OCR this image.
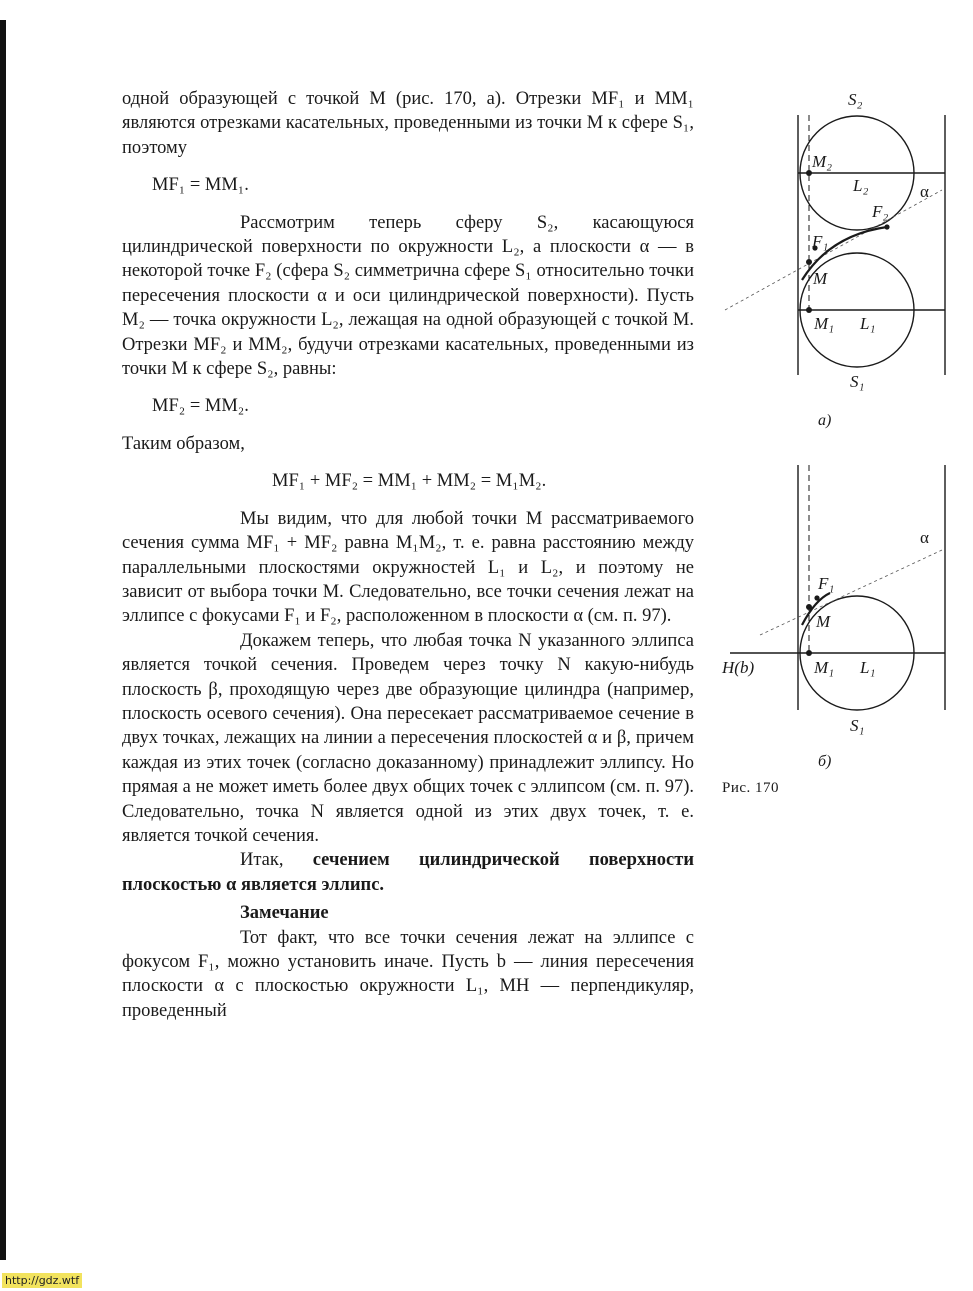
одной образующей с точкой M (рис. 170, a). Отрезки MF₁ и MM₁ являются отрезками касательных, проведенными из точки M к сфере S₁, поэтому

MF₁ = MM₁.

Рассмотрим теперь сферу S₂, касающуюся цилиндрической поверхности по окружности L₂, а плоскости α — в некоторой точке F₂ (сфера S₂ симметрична сфере S₁ относительно точки пересечения плоскости α и оси цилиндрической поверхности). Пусть M₂ — точка окружности L₂, лежащая на одной образующей с точкой M. Отрезки MF₂ и MM₂, будучи отрезками касательных, проведенными из точки M к сфере S₂, равны:

MF₂ = MM₂.

Таким образом,

MF₁ + MF₂ = MM₁ + MM₂ = M₁M₂.

Мы видим, что для любой точки M рассматриваемого сечения сумма MF₁ + MF₂ равна M₁M₂, т. е. равна расстоянию между параллельными плоскостями окружностей L₁ и L₂, и поэтому не зависит от выбора точки M. Следовательно, все точки сечения лежат на эллипсе с фокусами F₁ и F₂, расположенном в плоскости α (см. п. 97).

Докажем теперь, что любая точка N указанного эллипса является точкой сечения. Проведем через точку N какую-нибудь плоскость β, проходящую через две образующие цилиндра (например, плоскость осевого сечения). Она пересекает рассматриваемое сечение в двух точках, лежащих на линии a пересечения плоскостей α и β, причем каждая из этих точек (согласно доказанному) принадлежит эллипсу. Но прямая a не может иметь более двух общих точек с эллипсом (см. п. 97). Следовательно, точка N является одной из этих двух точек, т. е. является точкой сечения.

Итак, сечением цилиндрической поверхности плоскостью α является эллипс.

Замечание

Тот факт, что все точки сечения лежат на эллипсе с фокусом F₁, можно установить иначе. Пусть b — линия пересечения плоскости α с плоскостью окружности L₁, MH — перпендикуляр, проведенный

S₂
M₂
L₂	α
F₂
F₁
M
M₁ L₁
S₁
а)
α
F₁
M
H(b)	M₁ L₁
S₁
б)
Рис. 170
http://gdz.wtf
